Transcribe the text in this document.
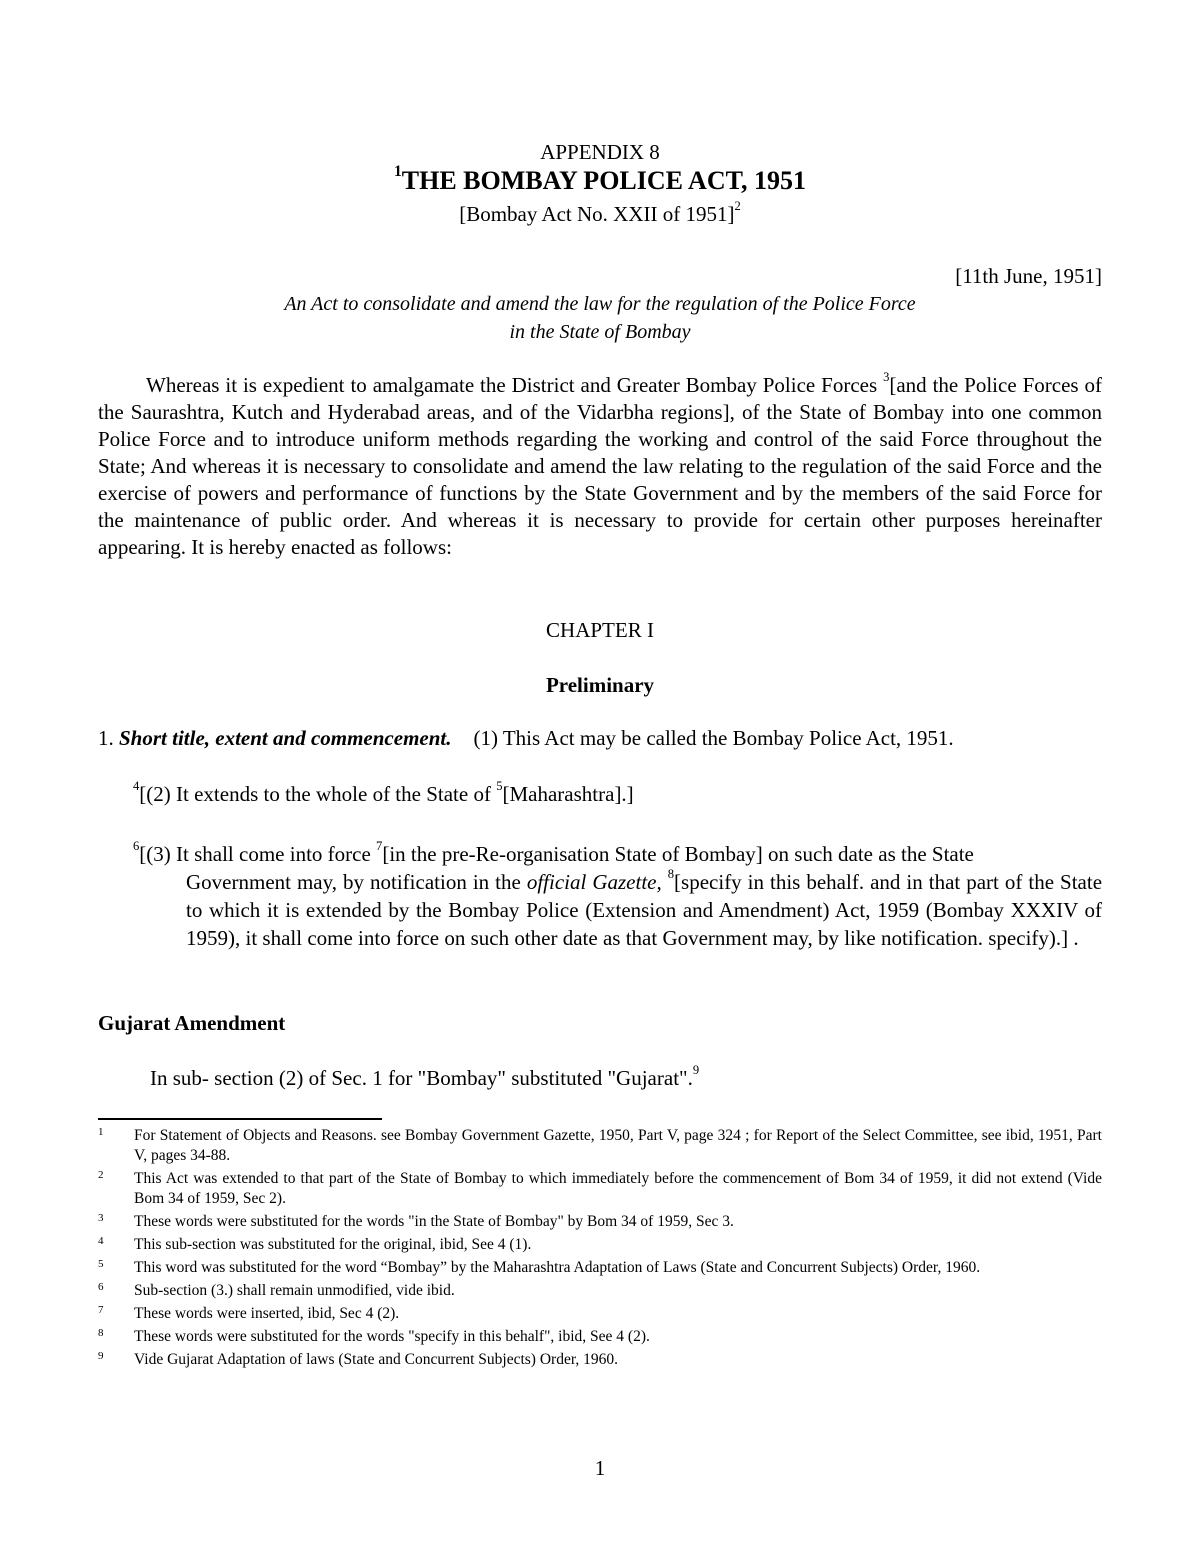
APPENDIX 8
$^1$THE BOMBAY POLICE ACT, 1951
[Bombay Act No. XXII of 1951]$^2$
[11th June, 1951]
An Act to consolidate and amend the law for the regulation of the Police Force
in the State of Bombay

Whereas it is expedient to amalgamate the District and Greater Bombay Police Forces $^3$[and the Police Forces of the Saurashtra, Kutch and Hyderabad areas, and of the Vidarbha regions], of the State of Bombay into one common Police Force and to introduce uniform methods regarding the working and control of the said Force throughout the State; And whereas it is necessary to consolidate and amend the law relating to the regulation of the said Force and the exercise of powers and performance of functions by the State Government and by the members of the said Force for the maintenance of public order. And whereas it is necessary to provide for certain other purposes hereinafter appearing. It is hereby enacted as follows:

CHAPTER I
Preliminary
1. Short title, extent and commencement. (1) This Act may be called the Bombay Police Act, 1951.
$^4$[(2) It extends to the whole of the State of $^5$[Maharashtra].]
$^6$[(3) It shall come into force $^7$[in the pre-Re-organisation State of Bombay] on such date as the State
Government may, by notification in the official Gazette, $^8$[specify in this behalf. and in that part of the State to which it is extended by the Bombay Police (Extension and Amendment) Act, 1959 (Bombay XXXIV of 1959), it shall come into force on such other date as that Government may, by like notification. specify).] .
Gujarat Amendment
In sub- section (2) of Sec. 1 for "Bombay" substituted "Gujarat".$^9$
1 For Statement of Objects and Reasons. see Bombay Government Gazette, 1950, Part V, page 324 ; for Report of the Select Committee, see ibid, 1951, Part V, pages 34-88.
2 This Act was extended to that part of the State of Bombay to which immediately before the commencement of Bom 34 of 1959, it did not extend (Vide Bom 34 of 1959, Sec 2).
3 These words were substituted for the words "in the State of Bombay" by Bom 34 of 1959, Sec 3.
4 This sub-section was substituted for the original, ibid, See 4 (1).
5 This word was substituted for the word “Bombay” by the Maharashtra Adaptation of Laws (State and Concurrent Subjects) Order, 1960.
6 Sub-section (3.) shall remain unmodified, vide ibid.
7 These words were inserted, ibid, Sec 4 (2).
8 These words were substituted for the words "specify in this behalf", ibid, See 4 (2).
9 Vide Gujarat Adaptation of laws (State and Concurrent Subjects) Order, 1960.
1
